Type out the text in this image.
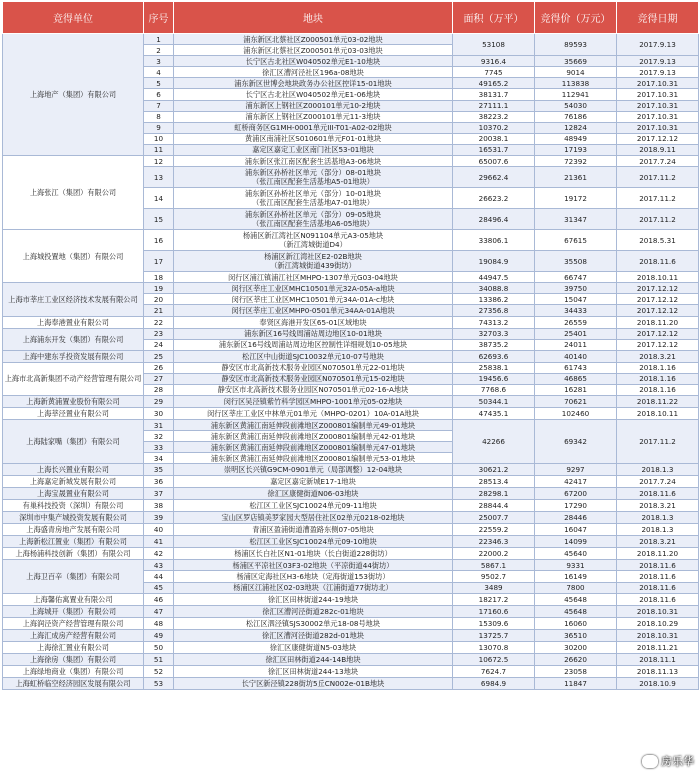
竞得单位	序号	地块	面积（万平）	竞得价（万元）	竞得日期
上海地产（集团）有限公司	1	浦东新区北蔡社区Z000501单元03-02地块	53108	89593	2017.9.13
	2	浦东新区北蔡社区Z000501单元03-03地块			
	3	长宁区古北社区W040502单元E1-10地块	9316.4	35669	2017.9.13
	4	徐汇区漕河泾社区196a-08地块	7745	9014	2017.9.13
	5	浦东新区世博会地块政务办公社区控详15-01地块	49165.2	113838	2017.10.31
	6	长宁区古北社区W040502单元E1-06地块	38131.7	112941	2017.10.31
	7	浦东新区上钢社区Z000101单元10-2地块	27111.1	54030	2017.10.31
	8	浦东新区上钢社区Z000101单元11-3地块	38223.2	76186	2017.10.31
	9	虹桥商务区G1MH-0001单元III-T01-A02-02地块	10370.2	12824	2017.10.31
	10	黄浦区南浦社区S010601单元F01-01地块	20038.1	48949	2017.12.12
	11	嘉定区嘉定工业区南门社区53-01地块	16531.7	17193	2018.9.11
上海张江（集团）有限公司	12	浦东新区张江南区配套生活基地A3-06地块	65007.6	72392	2017.7.24
	13	浦东新区孙桥社区单元（部分）08-01地块
（张江南区配套生活基地A5-01地块）	29662.4	21361	2017.11.2
	14	浦东新区孙桥社区单元（部分）10-01地块
（张江南区配套生活基地A7-01地块）	26623.2	19172	2017.11.2
	15	浦东新区孙桥社区单元（部分）09-05地块
（张江南区配套生活基地A6-05地块）	28496.4	31347	2017.11.2
上海城投置地（集团）有限公司	16	杨浦区新江湾社区N091104单元A3-05地块
（新江湾城街道D4）	33806.1	67615	2018.5.31
	17	杨浦区新江湾社区E2-02B地块
（新江湾城街道439街坊）	19084.9	35508	2018.11.6
	18	闵行区浦江镇浦江社区MHPO-1307单元G03-04地块	44947.5	66747	2018.10.11
上海市莘庄工业区经济技术发展有限公司	19	闵行区莘庄工业区MHC10501单元32A-05A-a地块	34088.8	39750	2017.12.12
	20	闵行区莘庄工业区MHC10501单元34A-01A-c地块	13386.2	15047	2017.12.12
	21	闵行区莘庄工业区MHP0-0501单元34AA-01A地块	27356.8	34433	2017.12.12
上海奉港置业有限公司	22	奉贤区海港开发区65-01区域地块	74313.2	26559	2018.11.20
上海浦东开发（集团）有限公司	23	浦东新区16号线周浦站周边地区10-01地块	32703.3	25401	2017.12.12
	24	浦东新区16号线周浦站周边地区控制性详细规划10-05地块	38735.2	24011	2017.12.12
上海中建东孚投资发展有限公司	25	松江区中山街道SJC10032单元10-07号地块	62693.6	40140	2018.3.21
上海市北高新集团不动产经营管理有限公司	26	静安区市北高新技术服务业园区N070501单元22-01地块	25838.1	61743	2018.1.16
	27	静安区市北高新技术服务业园区N070501单元15-02地块	19456.6	46865	2018.1.16
	28	静安区市北高新技术服务业园区N070501单元02-16-A地块	7768.6	16281	2018.1.16
上海新黄浦置业股份有限公司	29	闵行区吴泾镇紫竹科学园区MHPO-1001单元05-02地块	50344.1	70621	2018.11.22
上海莘泾置业有限公司	30	闵行区莘庄工业区中林单元01单元（MHPO-0201）10A-01A地块	47435.1	102460	2018.10.11
上海陆家嘴（集团）有限公司	31	浦东新区黄浦江南延伸段前滩地区Z000801编制单元49-01地块	42266	69342	2017.11.2
	32	浦东新区黄浦江南延伸段前滩地区Z000801编制单元42-01地块			
	33	浦东新区黄浦江南延伸段前滩地区Z000801编制单元47-01地块			
	34	浦东新区黄浦江南延伸段前滩地区Z000801编制单元53-01地块			
上海长兴置业有限公司	35	崇明区长兴镇G9CM-0901单元（局部调整）12-04地块	30621.2	9297	2018.1.3
上海嘉定新城发展有限公司	36	嘉定区嘉定新城E17-1地块	28513.4	42417	2017.7.24
上海宝晟置业有限公司	37	徐汇区康健街道N06-03地块	28298.1	67200	2018.11.6
有巢科技投资（深圳）有限公司	38	松江区工业区SJC10024单元09-11地块	28844.4	17290	2018.3.21
深圳市中集产城投资发展有限公司	39	宝山区罗店镇美罗家园大型居住社区02单元0218-02地块	25007.7	28446	2018.1.3
上海盛青房地产发展有限公司	40	青浦区盈浦街道漕盈路东侧07-05地块	22559.2	16047	2018.1.3
上海新松江置业（集团）有限公司	41	松江区工业区SJC10024单元09-10地块	22346.3	14099	2018.3.21
上海杨浦科技创新（集团）有限公司	42	杨浦区长白社区N1-01地块（长白街道228街坊）	22000.2	45640	2018.11.20
上海卫百辛（集团）有限公司	43	杨浦区平凉社区03F3-02地块（平凉街道44街坊）	5867.1	9331	2018.11.6
	44	杨浦区定海社区H3-6地块（定海街道153街坊）	9502.7	16149	2018.11.6
	45	杨浦区江浦社区02-03地块（江浦街道77街坊北）	3489	7800	2018.11.6
上海馨佑寓置业有限公司	46	徐汇区田林街道244-19地块	18217.2	45648	2018.11.6
上海城开（集团）有限公司	47	徐汇区漕河泾街道282c-01地块	17160.6	45648	2018.10.31
上海润泾资产经营管理有限公司	48	松江区泗泾镇SJS30002单元18-08号地块	15309.6	16060	2018.10.29
上海汇成房产经营有限公司	49	徐汇区漕河泾街道282d-01地块	13725.7	36510	2018.10.31
上海徐汇置业有限公司	50	徐汇区康健街道N5-03地块	13070.8	30200	2018.11.21
上海徐房（集团）有限公司	51	徐汇区田林街道244-14B地块	10672.5	26620	2018.11.1
上海绿地商业（集团）有限公司	52	徐汇区田林街道244-13地块	7624.7	23058	2018.11.13
上海虹桥临空经济园区发展有限公司	53	长宁区新泾镇228街坊5丘CN002e-01B地块	6984.9	11847	2018.10.9
房乐华
